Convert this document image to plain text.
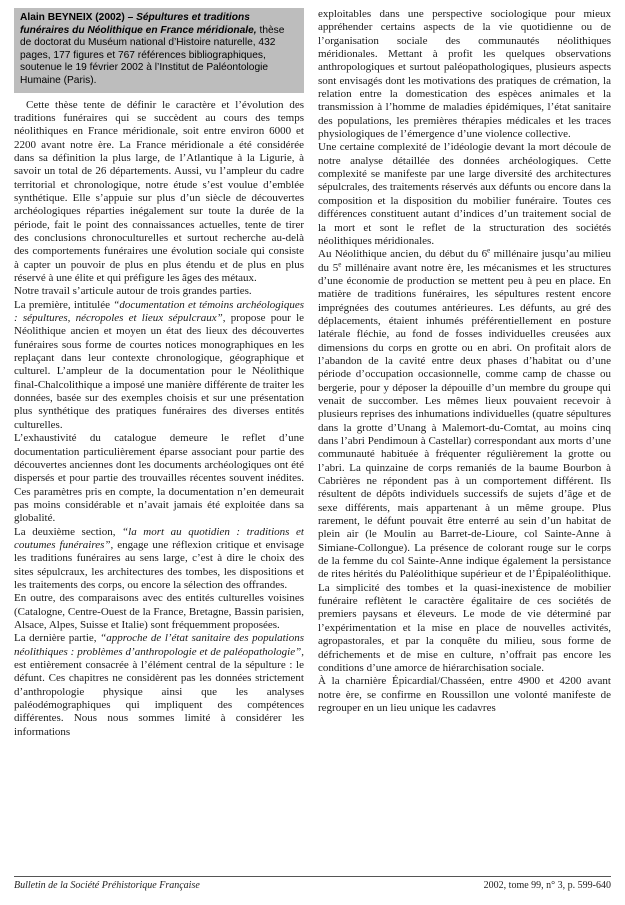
Alain BEYNEIX (2002) – Sépultures et traditions funéraires du Néolithique en France méridionale, thèse de doctorat du Muséum national d’Histoire naturelle, 432 pages, 177 figures et 767 références bibliographiques, soutenue le 19 février 2002 à l’Institut de Paléontologie Humaine (Paris).

Cette thèse tente de définir le caractère et l’évolution des traditions funéraires qui se succèdent au cours des temps néolithiques en France méridionale, soit entre environ 6000 et 2200 avant notre ère. La France méridionale a été considérée dans sa définition la plus large, de l’Atlantique à la Ligurie, à savoir un total de 26 départements. Aussi, vu l’ampleur du cadre territorial et chronologique, notre étude s’est voulue d’emblée synthétique. Elle s’appuie sur plus d’un siècle de découvertes archéologiques réparties inégalement sur toute la durée de la période, fait le point des connaissances actuelles, tente de tirer des conclusions chronoculturelles et surtout recherche au-delà des comportements funéraires une évolution sociale qui consiste à capter un pouvoir de plus en plus étendu et de plus en plus réservé à une élite et qui préfigure les âges des métaux.

Notre travail s’articule autour de trois grandes parties.

La première, intitulée “documentation et témoins archéologiques : sépultures, nécropoles et lieux sépulcraux”, propose pour le Néolithique ancien et moyen un état des lieux des découvertes funéraires sous forme de courtes notices monographiques en les replaçant dans leur contexte chronologique, géographique et culturel. L’ampleur de la documentation pour le Néolithique final-Chalcolithique a imposé une manière différente de traiter les données, basée sur des exemples choisis et sur une présentation plus synthétique des pratiques funéraires des diverses entités culturelles.

L’exhaustivité du catalogue demeure le reflet d’une documentation particulièrement éparse associant pour partie des découvertes anciennes dont les documents archéologiques ont été dispersés et pour partie des trouvailles récentes souvent inédites. Ces paramètres pris en compte, la documentation n’en demeurait pas moins considérable et n’avait jamais été exploitée dans sa globalité.

La deuxième section, “la mort au quotidien : traditions et coutumes funéraires”, engage une réflexion critique et envisage les traditions funéraires au sens large, c’est à dire le choix des sites sépulcraux, les architectures des tombes, les dispositions et les traitements des corps, ou encore la sélection des offrandes.

En outre, des comparaisons avec des entités culturelles voisines (Catalogne, Centre-Ouest de la France, Bretagne, Bassin parisien, Alsace, Alpes, Suisse et Italie) sont fréquemment proposées.

La dernière partie, “approche de l’état sanitaire des populations néolithiques : problèmes d’anthropologie et de paléopathologie”, est entièrement consacrée à l’élément central de la sépulture : le défunt. Ces chapitres ne considèrent pas les données strictement d’anthropologie physique ainsi que les analyses paléodémographiques qui impliquent des compétences différentes. Nous nous sommes limité à considérer les informations

exploitables dans une perspective sociologique pour mieux appréhender certains aspects de la vie quotidienne ou de l’organisation sociale des communautés néolithiques méridionales. Mettant à profit les quelques observations anthropologiques et surtout paléopathologiques, plusieurs aspects sont envisagés dont les motivations des pratiques de crémation, la relation entre la domestication des espèces animales et la transmission à l’homme de maladies épidémiques, l’état sanitaire des populations, les premières thérapies médicales et les traces physiologiques de l’émergence d’une violence collective.

Une certaine complexité de l’idéologie devant la mort découle de notre analyse détaillée des données archéologiques. Cette complexité se manifeste par une large diversité des architectures sépulcrales, des traitements réservés aux défunts ou encore dans la composition et la disposition du mobilier funéraire. Toutes ces différences constituent autant d’indices d’un traitement social de la mort et sont le reflet de la structuration des sociétés néolithiques méridionales.

Au Néolithique ancien, du début du 6e millénaire jusqu’au milieu du 5e millénaire avant notre ère, les mécanismes et les structures d’une économie de production se mettent peu à peu en place. En matière de traditions funéraires, les sépultures restent encore imprégnées des coutumes antérieures. Les défunts, au gré des déplacements, étaient inhumés préférentiellement en posture latérale fléchie, au fond de fosses individuelles creusées aux dimensions du corps en grotte ou en abri. On profitait alors de l’abandon de la cavité entre deux phases d’habitat ou d’une période d’occupation occasionnelle, comme camp de chasse ou bergerie, pour y déposer la dépouille d’un membre du groupe qui venait de succomber. Les mêmes lieux pouvaient recevoir à plusieurs reprises des inhumations individuelles (quatre sépultures dans la grotte d’Unang à Malemort-du-Comtat, au moins cinq dans l’abri Pendimoun à Castellar) correspondant aux morts d’une communauté habituée à fréquenter régulièrement la grotte ou l’abri. La quinzaine de corps remaniés de la baume Bourbon à Cabrières ne répondent pas à un comportement différent. Ils résultent de dépôts individuels successifs de sujets d’âge et de sexe différents, mais appartenant à un même groupe. Plus rarement, le défunt pouvait être enterré au sein d’un habitat de plein air (le Moulin au Barret-de-Lioure, col Sainte-Anne à Simiane-Collongue). La présence de colorant rouge sur le corps de la femme du col Sainte-Anne indique également la persistance de rites hérités du Paléolithique supérieur et de l’Épipaléolithique. La simplicité des tombes et la quasi-inexistence de mobilier funéraire reflètent le caractère égalitaire de ces sociétés de premiers paysans et éleveurs. Le mode de vie déterminé par l’expérimentation et la mise en place de nouvelles activités, agropastorales, et par la conquête du milieu, sous forme de défrichements et de mise en culture, n’offrait pas encore les conditions d’une amorce de hiérarchisation sociale.

À la charnière Épicardial/Chasséen, entre 4900 et 4200 avant notre ère, se confirme en Roussillon une volonté manifeste de regrouper en un lieu unique les cadavres

Bulletin de la Société Préhistorique Française	2002, tome 99, n° 3, p. 599-640
